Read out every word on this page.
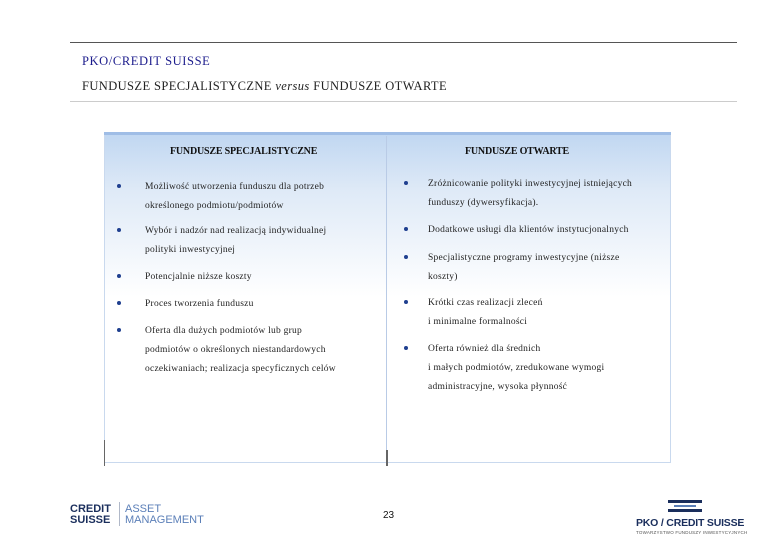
PKO/CREDIT SUISSE
FUNDUSZE SPECJALISTYCZNE versus FUNDUSZE OTWARTE
FUNDUSZE SPECJALISTYCZNE	FUNDUSZE OTWARTE
Możliwość utworzenia funduszu dla potrzeb
określonego podmiotu/podmiotów
Wybór i nadzór nad realizacją indywidualnej
polityki inwestycyjnej
Potencjalnie niższe koszty
Proces tworzenia funduszu
Oferta dla dużych podmiotów lub grup
podmiotów o określonych niestandardowych
oczekiwaniach; realizacja specyficznych celów
Zróżnicowanie polityki inwestycyjnej istniejących
funduszy (dywersyfikacja).
Dodatkowe usługi dla klientów instytucjonalnych
Specjalistyczne programy inwestycyjne (niższe
koszty)
Krótki czas realizacji zleceń
i minimalne formalności
Oferta również dla średnich
i małych podmiotów, zredukowane wymogi
administracyjne, wysoka płynność
CREDIT
SUISSE
ASSET
MANAGEMENT	23
PKO / CREDIT SUISSE
TOWARZYSTWO FUNDUSZY INWESTYCYJNYCH
